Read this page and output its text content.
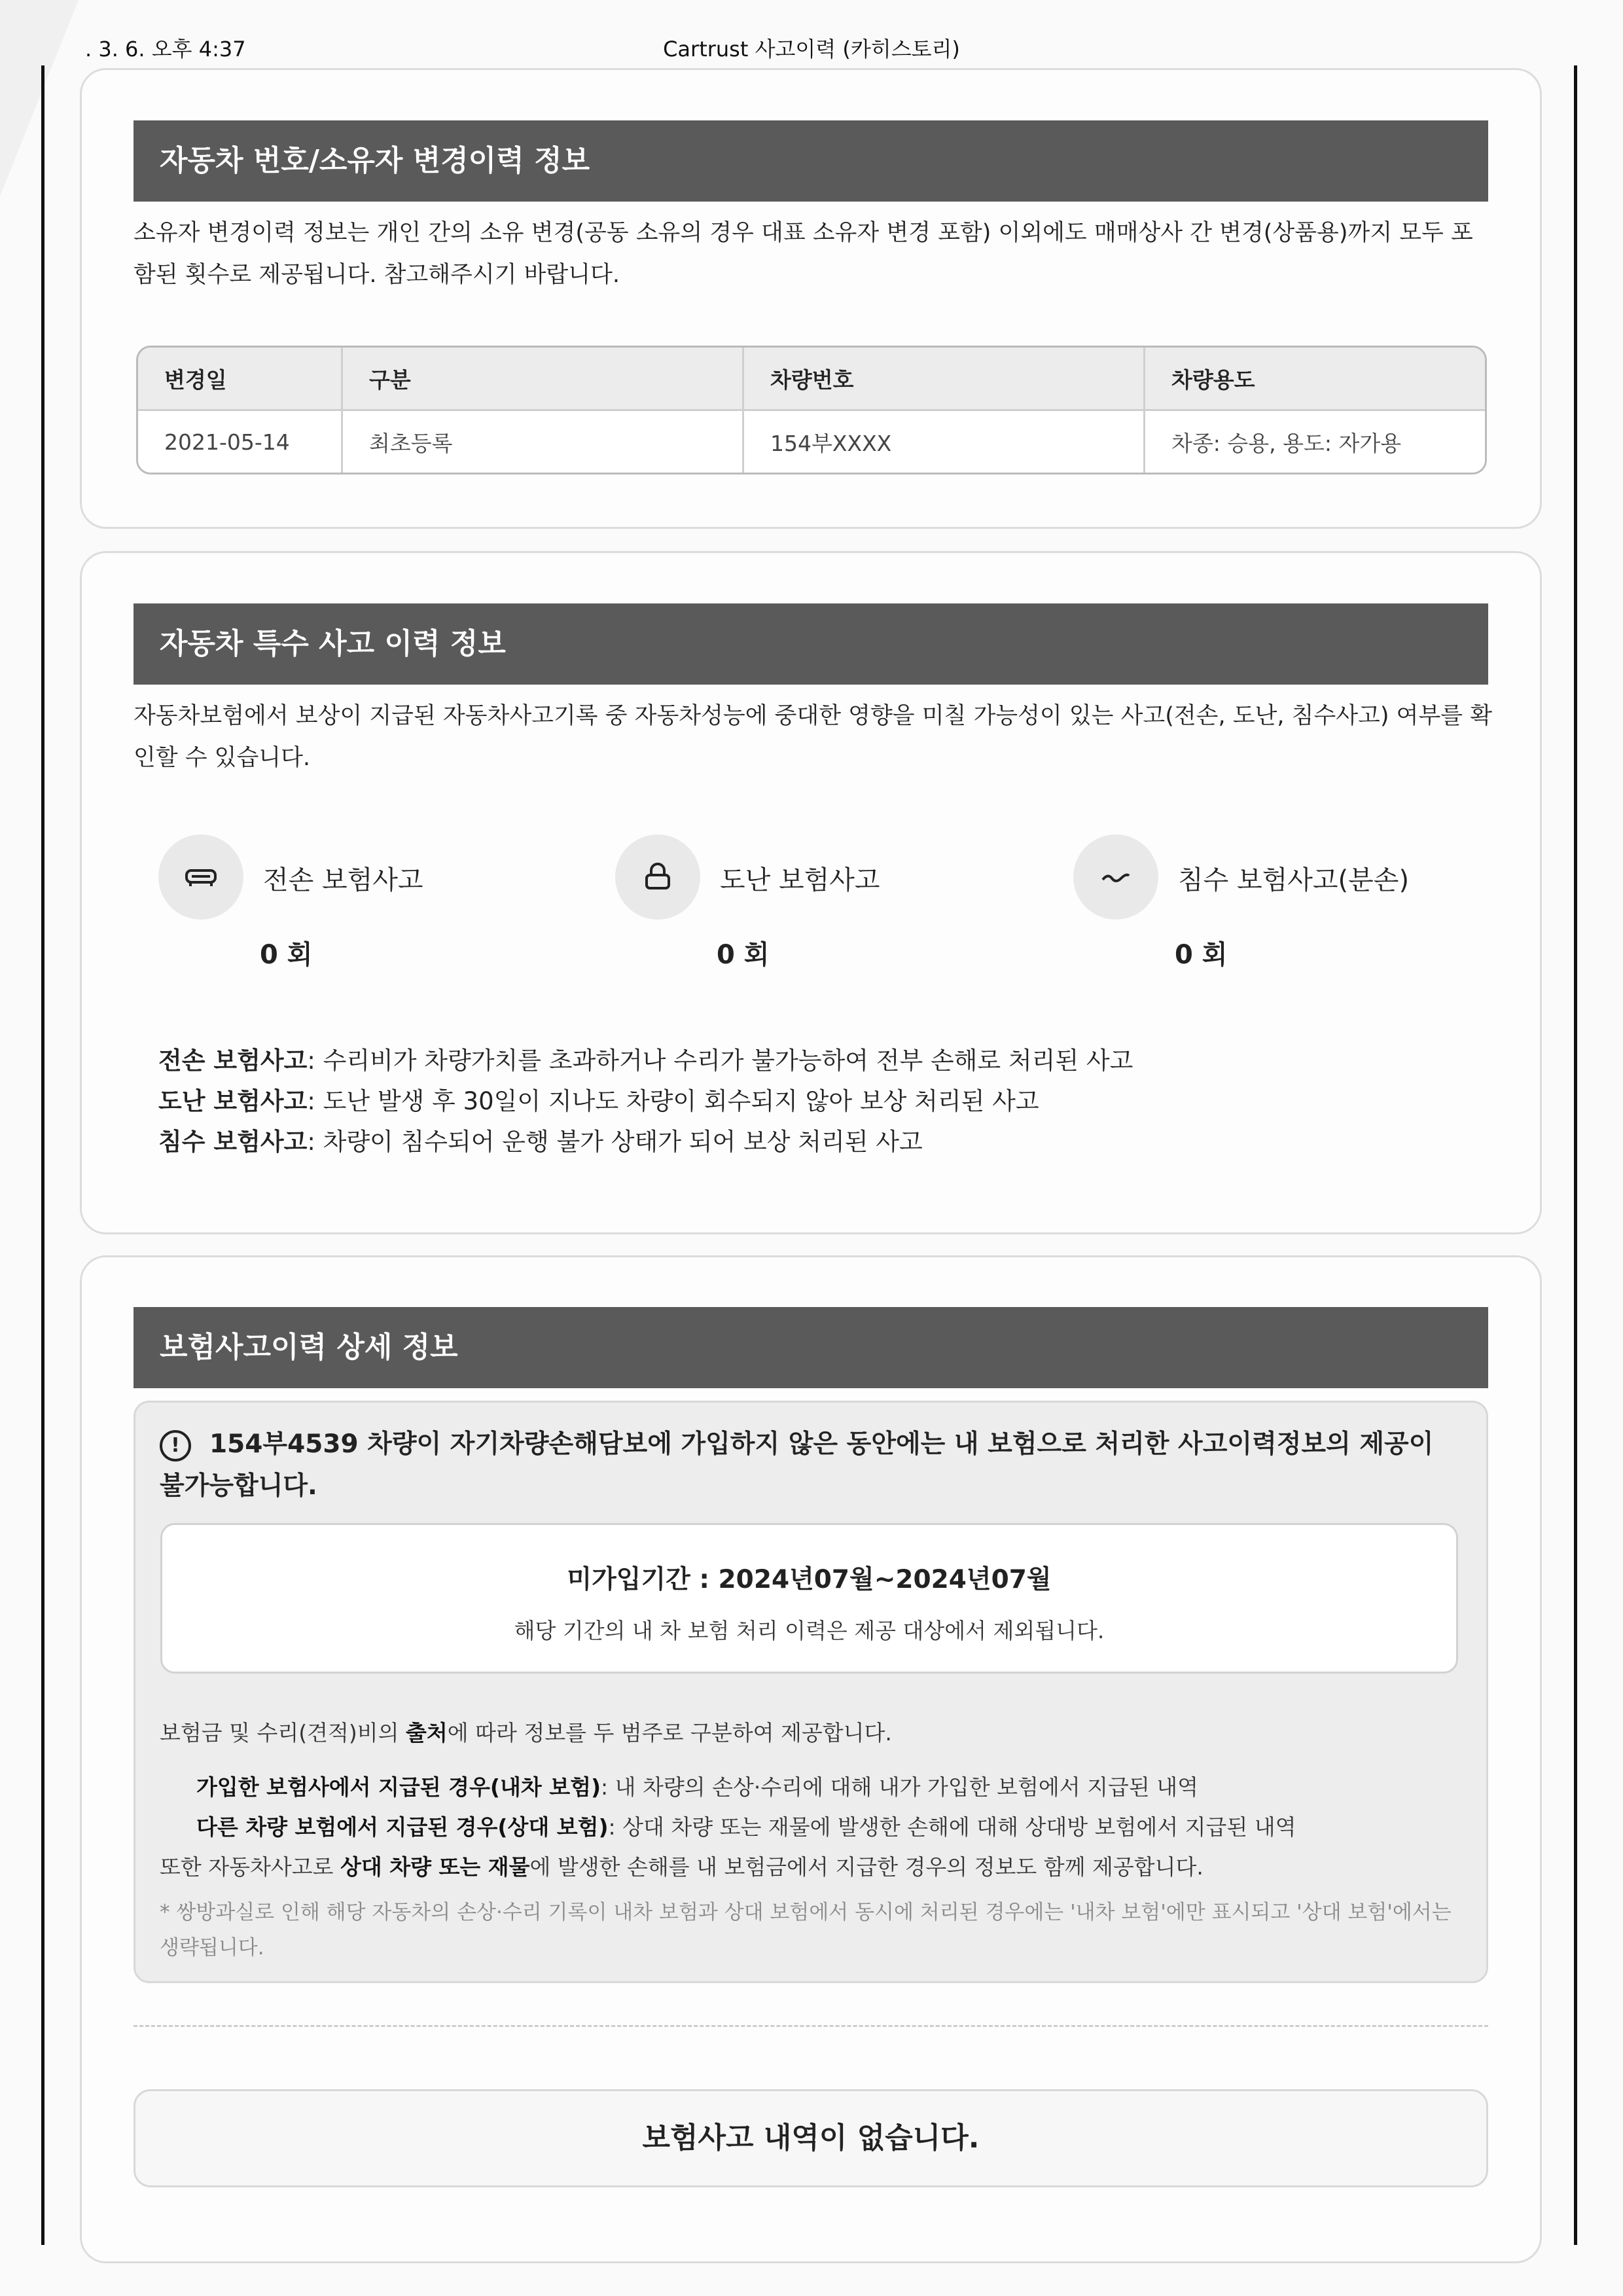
. 3. 6. 오후 4:37	Cartrust 사고이력 (카히스토리)
자동차 번호/소유자 변경이력 정보
소유자 변경이력 정보는 개인 간의 소유 변경(공동 소유의 경우 대표 소유자 변경 포함) 이외에도 매매상사 간 변경(상품용)까지 모두 포함된 횟수로 제공됩니다. 참고해주시기 바랍니다.
변경일	구분	차량번호	차량용도
2021-05-14	최초등록	154부XXXX	차종: 승용, 용도: 자가용
자동차 특수 사고 이력 정보
자동차보험에서 보상이 지급된 자동차사고기록 중 자동차성능에 중대한 영향을 미칠 가능성이 있는 사고(전손, 도난, 침수사고) 여부를 확인할 수 있습니다.
전손 보험사고
0 회
도난 보험사고
0 회
침수 보험사고(분손)
0 회
전손 보험사고: 수리비가 차량가치를 초과하거나 수리가 불가능하여 전부 손해로 처리된 사고
도난 보험사고: 도난 발생 후 30일이 지나도 차량이 회수되지 않아 보상 처리된 사고
침수 보험사고: 차량이 침수되어 운행 불가 상태가 되어 보상 처리된 사고
보험사고이력 상세 정보
! 154부4539 차량이 자기차량손해담보에 가입하지 않은 동안에는 내 보험으로 처리한 사고이력정보의 제공이 불가능합니다.
미가입기간 : 2024년07월~2024년07월
해당 기간의 내 차 보험 처리 이력은 제공 대상에서 제외됩니다.
보험금 및 수리(견적)비의 출처에 따라 정보를 두 범주로 구분하여 제공합니다.
가입한 보험사에서 지급된 경우(내차 보험): 내 차량의 손상·수리에 대해 내가 가입한 보험에서 지급된 내역
다른 차량 보험에서 지급된 경우(상대 보험): 상대 차량 또는 재물에 발생한 손해에 대해 상대방 보험에서 지급된 내역
또한 자동차사고로 상대 차량 또는 재물에 발생한 손해를 내 보험금에서 지급한 경우의 정보도 함께 제공합니다.
* 쌍방과실로 인해 해당 자동차의 손상·수리 기록이 내차 보험과 상대 보험에서 동시에 처리된 경우에는 '내차 보험'에만 표시되고 '상대 보험'에서는 생략됩니다.
보험사고 내역이 없습니다.
